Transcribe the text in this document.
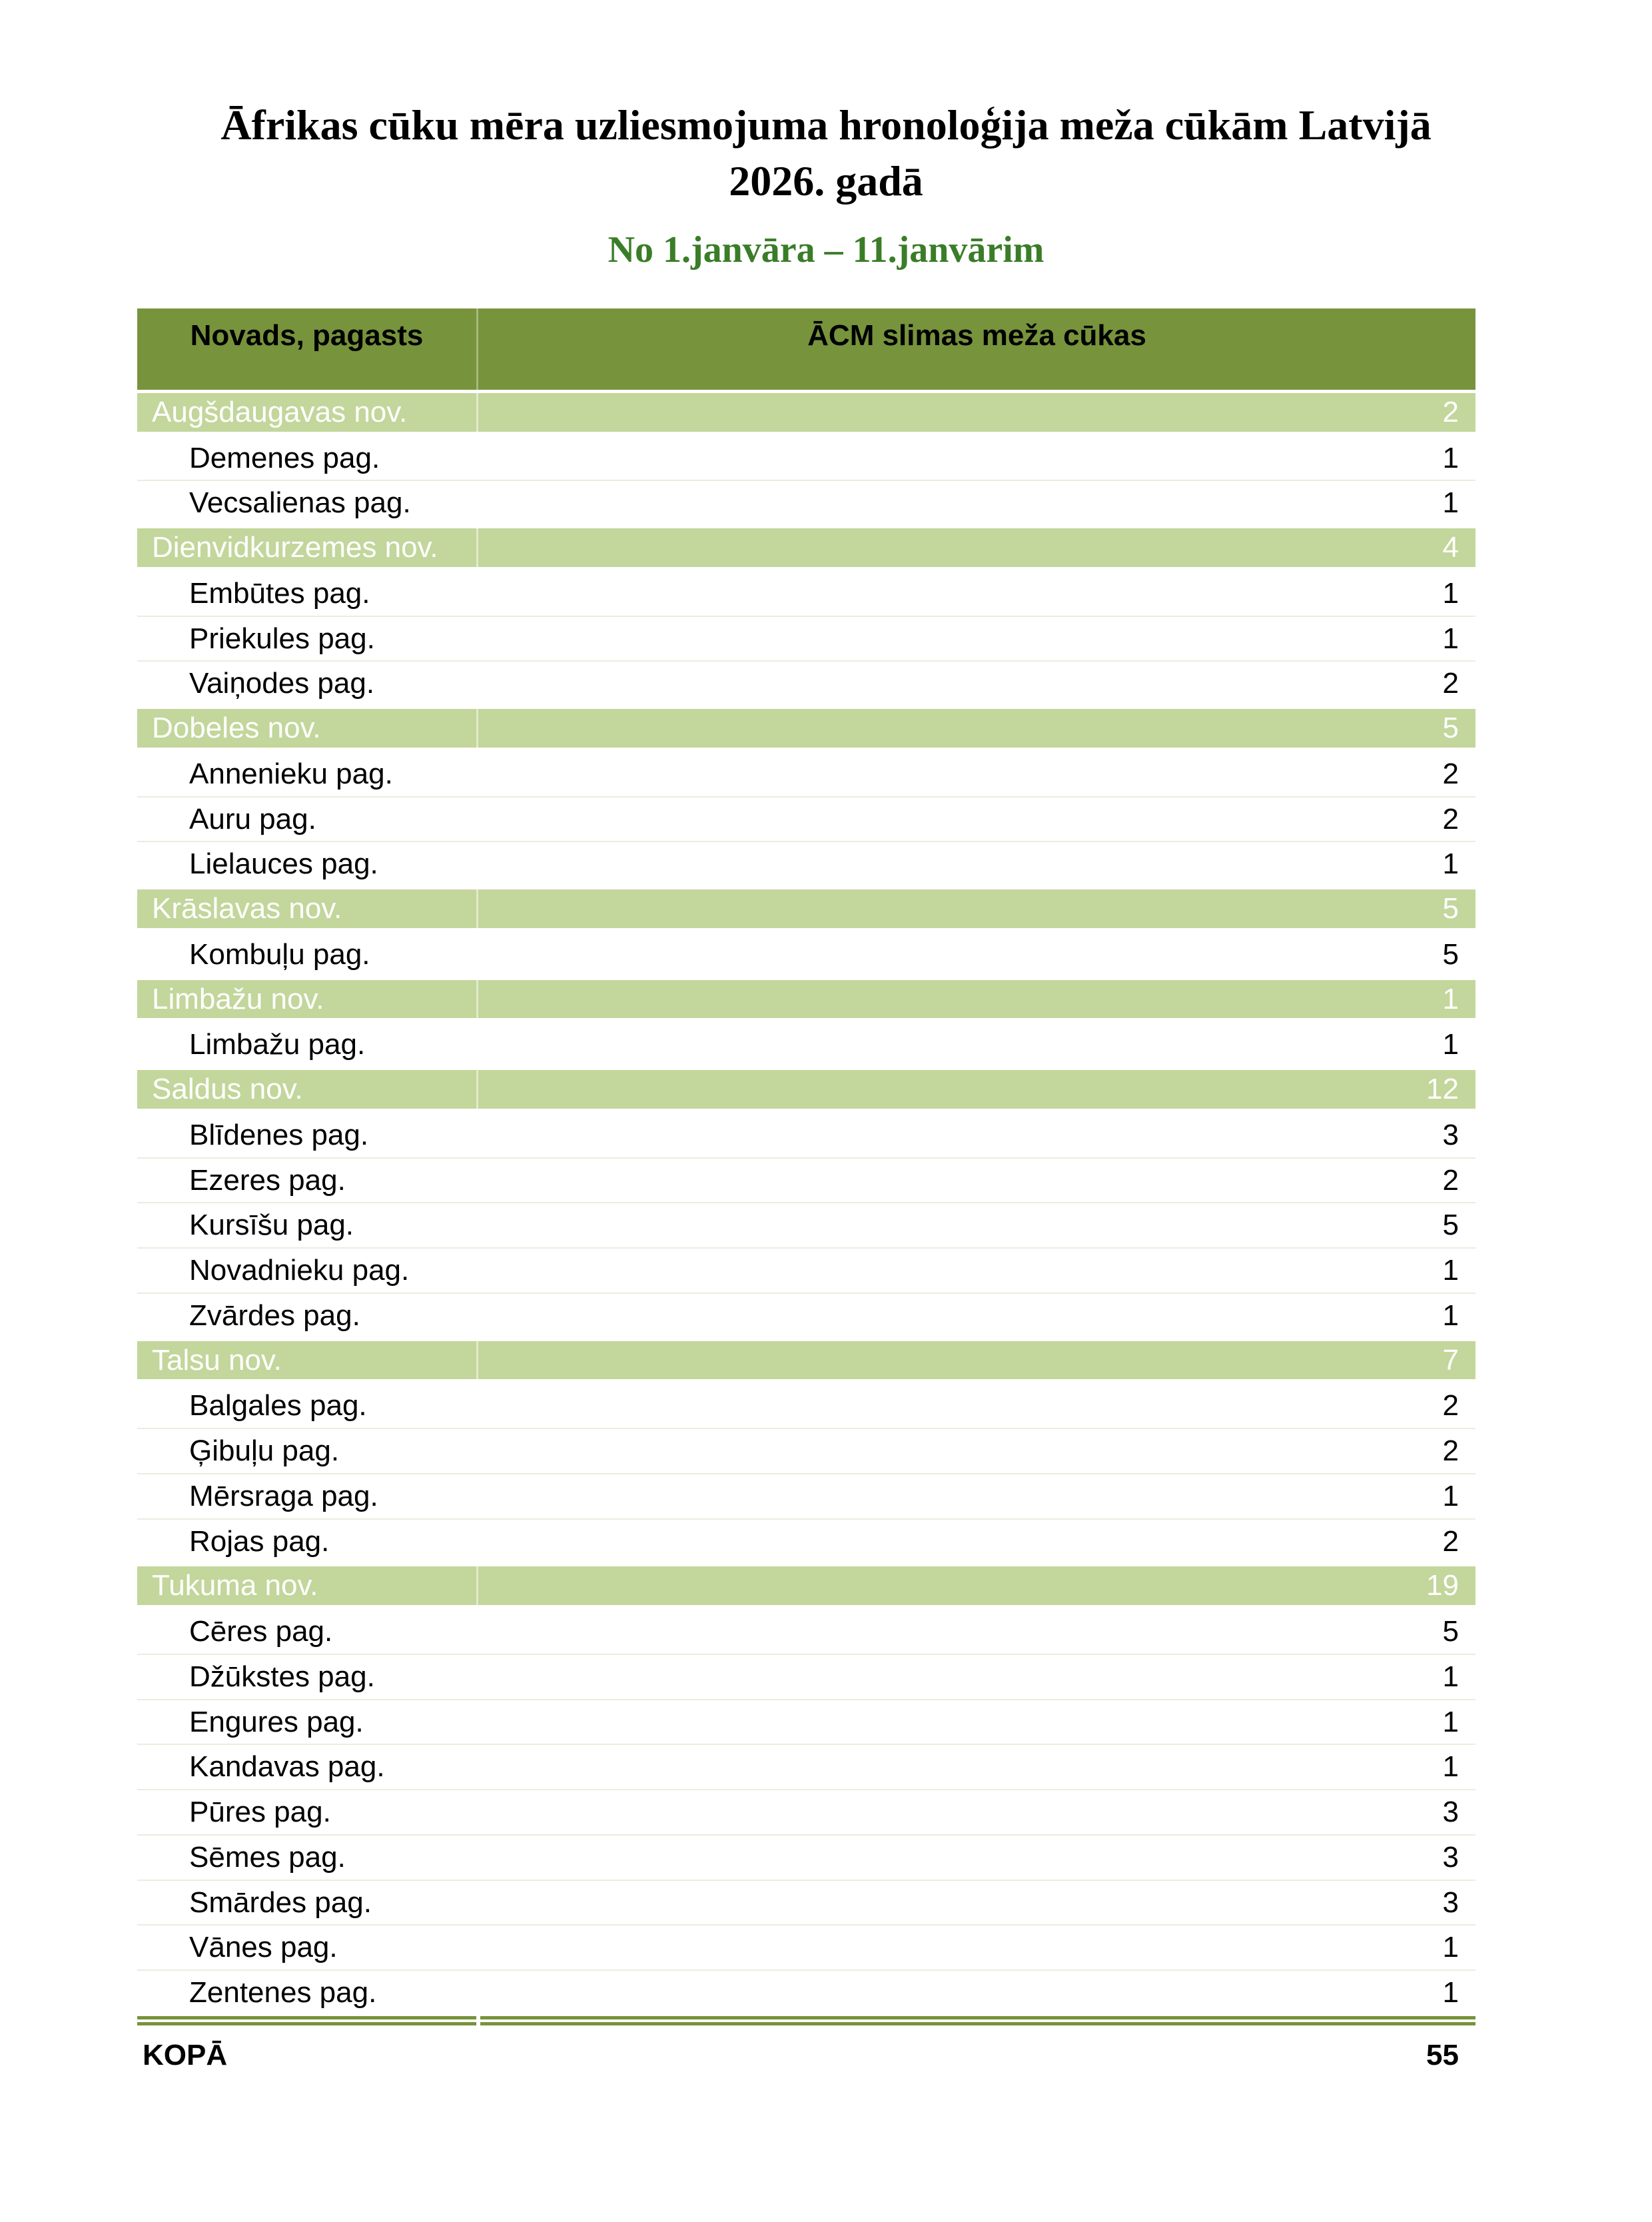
Āfrikas cūku mēra uzliesmojuma hronoloģija meža cūkām Latvijā
2026. gadā
No 1.janvāra – 11.janvārim
Novads, pagasts	ĀCM slimas meža cūkas
Augšdaugavas nov.	2
Demenes pag.	1
Vecsalienas pag.	1
Dienvidkurzemes nov.	4
Embūtes pag.	1
Priekules pag.	1
Vaiņodes pag.	2
Dobeles nov.	5
Annenieku pag.	2
Auru pag.	2
Lielauces pag.	1
Krāslavas nov.	5
Kombuļu pag.	5
Limbažu nov.	1
Limbažu pag.	1
Saldus nov.	12
Blīdenes pag.	3
Ezeres pag.	2
Kursīšu pag.	5
Novadnieku pag.	1
Zvārdes pag.	1
Talsu nov.	7
Balgales pag.	2
Ģibuļu pag.	2
Mērsraga pag.	1
Rojas pag.	2
Tukuma nov.	19
Cēres pag.	5
Džūkstes pag.	1
Engures pag.	1
Kandavas pag.	1
Pūres pag.	3
Sēmes pag.	3
Smārdes pag.	3
Vānes pag.	1
Zentenes pag.	1
KOPĀ	55
